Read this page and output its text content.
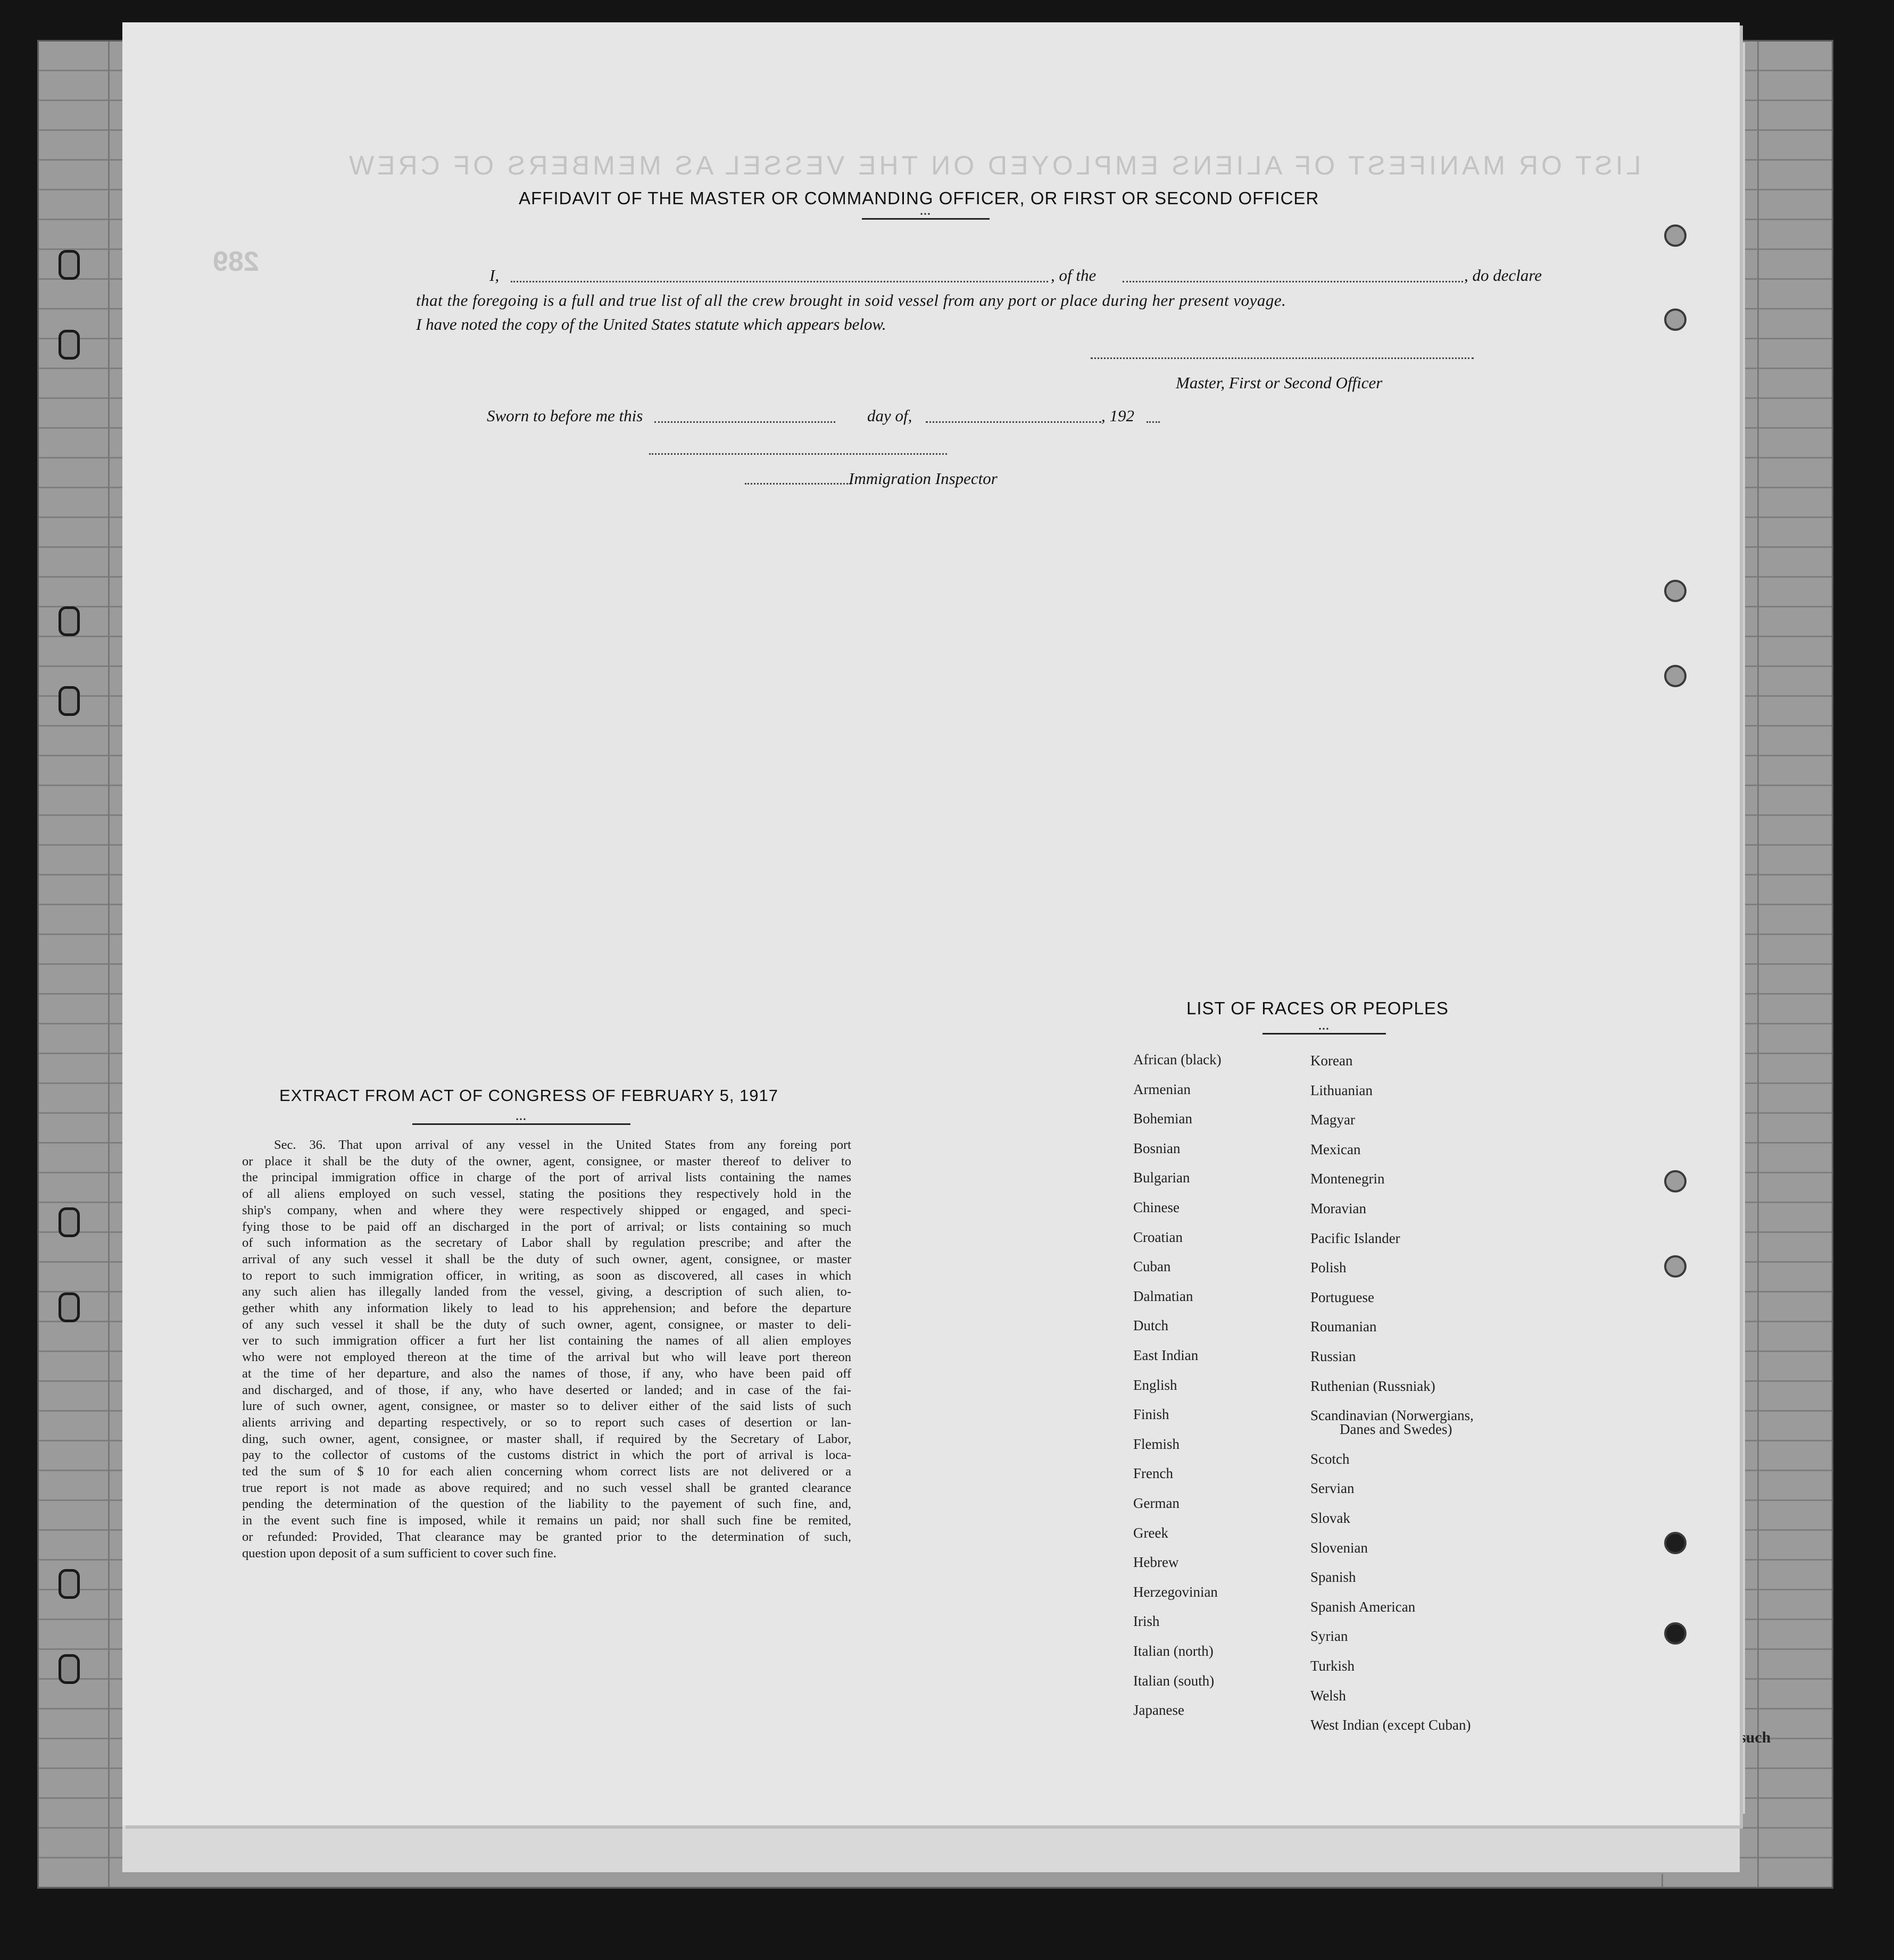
such
LIST OR MANIFEST OF ALIENS EMPLOYED ON THE VESSEL AS MEMBERS OF CREW
289
AFFIDAVIT OF THE MASTER OR COMMANDING OFFICER, OR FIRST OR SECOND OFFICER
•••
I,	, of the	, do declare
that the foregoing is a full and true list of all the crew brought in soid vessel from any port or place during her present voyage.
I have noted the copy of the United States statute which appears below.
Master, First or Second Officer
Sworn to before me this	day of,	, 192
Immigration Inspector
EXTRACT FROM ACT OF CONGRESS OF FEBRUARY 5, 1917
•••
LIST OF RACES OR PEOPLES
•••
Sec. 36. That upon arrival of any vessel in the United States from any foreing port
or place it shall be the duty of the owner, agent, consignee, or master thereof to deliver to
the principal immigration office in charge of the port of arrival lists containing the names
of all aliens employed on such vessel, stating the positions they respectively hold in the
ship's company, when and where they were respectively shipped or engaged, and speci-
fying those to be paid off an discharged in the port of arrival; or lists containing so much
of such information as the secretary of Labor shall by regulation prescribe; and after the
arrival of any such vessel it shall be the duty of such owner, agent, consignee, or master
to report to such immigration officer, in writing, as soon as discovered, all cases in which
any such alien has illegally landed from the vessel, giving, a description of such alien, to-
gether whith any information likely to lead to his apprehension; and before the departure
of any such vessel it shall be the duty of such owner, agent, consignee, or master to deli-
ver to such immigration officer a furt her list containing the names of all alien employes
who were not employed thereon at the time of the arrival but who will leave port thereon
at the time of her departure, and also the names of those, if any, who have been paid off
and discharged, and of those, if any, who have deserted or landed; and in case of the fai-
lure of such owner, agent, consignee, or master so to deliver either of the said lists of such
alients arriving and departing respectively, or so to report such cases of desertion or lan-
ding, such owner, agent, consignee, or master shall, if required by the Secretary of Labor,
pay to the collector of customs of the customs district in which the port of arrival is loca-
ted the sum of $ 10 for each alien concerning whom correct lists are not delivered or a
true report is not made as above required; and no such vessel shall be granted clearance
pending the determination of the question of the liability to the payement of such fine, and,
in the event such fine is imposed, while it remains un paid; nor shall such fine be remited,
or refunded: Provided, That clearance may be granted prior to the determination of such,
question upon deposit of a sum sufficient to cover such fine.
African (black)
Armenian
Bohemian
Bosnian
Bulgarian
Chinese
Croatian
Cuban
Dalmatian
Dutch
East Indian
English
Finish
Flemish
French
German
Greek
Hebrew
Herzegovinian
Irish
Italian (north)
Italian (south)
Japanese
Korean
Lithuanian
Magyar
Mexican
Montenegrin
Moravian
Pacific Islander
Polish
Portuguese
Roumanian
Russian
Ruthenian (Russniak)
Scandinavian (Norwergians,
Danes and Swedes)
Scotch
Servian
Slovak
Slovenian
Spanish
Spanish American
Syrian
Turkish
Welsh
West Indian (except Cuban)
